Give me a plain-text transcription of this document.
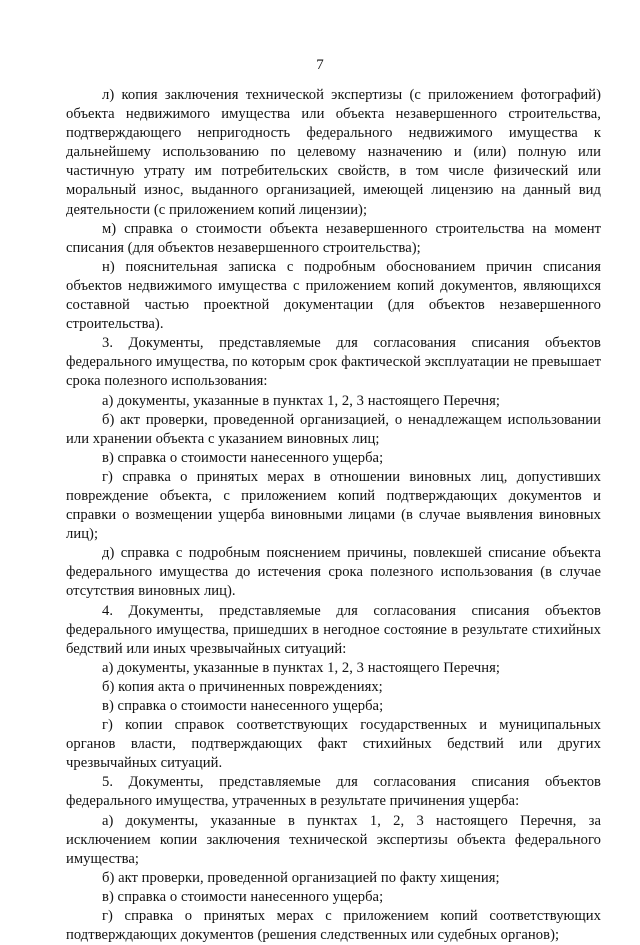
7

л) копия заключения технической экспертизы (с приложением фотографий) объекта недвижимого имущества или объекта незавершенного строительства, подтверждающего непригодность федерального недвижимого имущества к дальнейшему использованию по целевому назначению и (или) полную или частичную утрату им потребительских свойств, в том числе физический или моральный износ, выданного организацией, имеющей лицензию на данный вид деятельности (с приложением копий лицензии);

м) справка о стоимости объекта незавершенного строительства на момент списания (для объектов незавершенного строительства);

н) пояснительная записка с подробным обоснованием причин списания объектов недвижимого имущества с приложением копий документов, являющихся составной частью проектной документации (для объектов незавершенного строительства).

3. Документы, представляемые для согласования списания объектов федерального имущества, по которым срок фактической эксплуатации не превышает срока полезного использования:

а) документы, указанные в пунктах 1, 2, 3 настоящего Перечня;

б) акт проверки, проведенной организацией, о ненадлежащем использовании или хранении объекта с указанием виновных лиц;

в) справка о стоимости нанесенного ущерба;

г) справка о принятых мерах в отношении виновных лиц, допустивших повреждение объекта, с приложением копий подтверждающих документов и справки о возмещении ущерба виновными лицами (в случае выявления виновных лиц);

д) справка с подробным пояснением причины, повлекшей списание объекта федерального имущества до истечения срока полезного использования (в случае отсутствия виновных лиц).

4. Документы, представляемые для согласования списания объектов федерального имущества, пришедших в негодное состояние в результате стихийных бедствий или иных чрезвычайных ситуаций:

а) документы, указанные в пунктах 1, 2, 3 настоящего Перечня;

б) копия акта о причиненных повреждениях;

в) справка о стоимости нанесенного ущерба;

г) копии справок соответствующих государственных и муниципальных органов власти, подтверждающих факт стихийных бедствий или других чрезвычайных ситуаций.

5. Документы, представляемые для согласования списания объектов федерального имущества, утраченных в результате причинения ущерба:

а) документы, указанные в пунктах 1, 2, 3 настоящего Перечня, за исключением копии заключения технической экспертизы объекта федерального имущества;

б) акт проверки, проведенной организацией по факту хищения;

в) справка о стоимости нанесенного ущерба;

г) справка о принятых мерах с приложением копий соответствующих подтверждающих документов (решения следственных или судебных органов);
